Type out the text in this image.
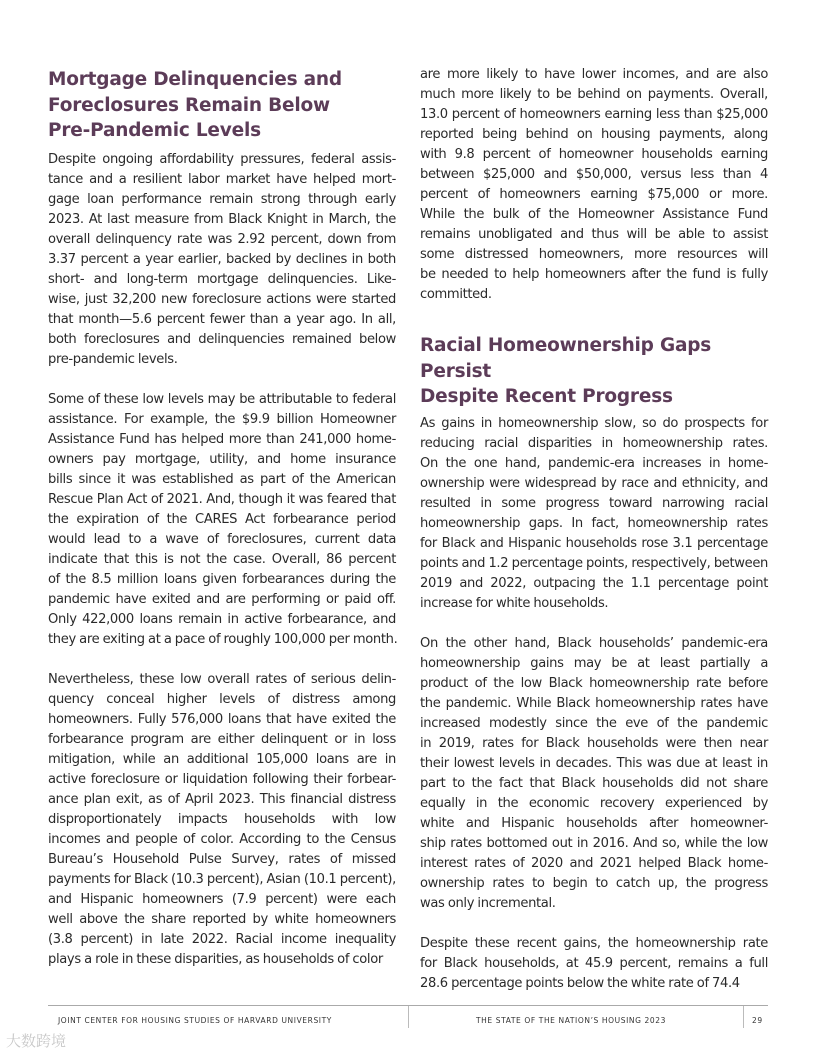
Mortgage Delinquencies and
Foreclosures Remain Below
Pre-Pandemic Levels
Despite ongoing affordability pressures, federal assis-
tance and a resilient labor market have helped mort-
gage loan performance remain strong through early
2023. At last measure from Black Knight in March, the
overall delinquency rate was 2.92 percent, down from
3.37 percent a year earlier, backed by declines in both
short- and long-term mortgage delinquencies. Like-
wise, just 32,200 new foreclosure actions were started
that month—5.6 percent fewer than a year ago. In all,
both foreclosures and delinquencies remained below
pre-pandemic levels.
Some of these low levels may be attributable to federal
assistance. For example, the $9.9 billion Homeowner
Assistance Fund has helped more than 241,000 home-
owners pay mortgage, utility, and home insurance
bills since it was established as part of the American
Rescue Plan Act of 2021. And, though it was feared that
the expiration of the CARES Act forbearance period
would lead to a wave of foreclosures, current data
indicate that this is not the case. Overall, 86 percent
of the 8.5 million loans given forbearances during the
pandemic have exited and are performing or paid off.
Only 422,000 loans remain in active forbearance, and
they are exiting at a pace of roughly 100,000 per month.
Nevertheless, these low overall rates of serious delin-
quency conceal higher levels of distress among
homeowners. Fully 576,000 loans that have exited the
forbearance program are either delinquent or in loss
mitigation, while an additional 105,000 loans are in
active foreclosure or liquidation following their forbear-
ance plan exit, as of April 2023. This financial distress
disproportionately impacts households with low
incomes and people of color. According to the Census
Bureau’s Household Pulse Survey, rates of missed
payments for Black (10.3 percent), Asian (10.1 percent),
and Hispanic homeowners (7.9 percent) were each
well above the share reported by white homeowners
(3.8 percent) in late 2022. Racial income inequality
plays a role in these disparities, as households of color
are more likely to have lower incomes, and are also
much more likely to be behind on payments. Overall,
13.0 percent of homeowners earning less than $25,000
reported being behind on housing payments, along
with 9.8 percent of homeowner households earning
between $25,000 and $50,000, versus less than 4
percent of homeowners earning $75,000 or more.
While the bulk of the Homeowner Assistance Fund
remains unobligated and thus will be able to assist
some distressed homeowners, more resources will
be needed to help homeowners after the fund is fully
committed.
Racial Homeownership Gaps Persist
Despite Recent Progress
As gains in homeownership slow, so do prospects for
reducing racial disparities in homeownership rates.
On the one hand, pandemic-era increases in home-
ownership were widespread by race and ethnicity, and
resulted in some progress toward narrowing racial
homeownership gaps. In fact, homeownership rates
for Black and Hispanic households rose 3.1 percentage
points and 1.2 percentage points, respectively, between
2019 and 2022, outpacing the 1.1 percentage point
increase for white households.
On the other hand, Black households’ pandemic-era
homeownership gains may be at least partially a
product of the low Black homeownership rate before
the pandemic. While Black homeownership rates have
increased modestly since the eve of the pandemic
in 2019, rates for Black households were then near
their lowest levels in decades. This was due at least in
part to the fact that Black households did not share
equally in the economic recovery experienced by
white and Hispanic households after homeowner-
ship rates bottomed out in 2016. And so, while the low
interest rates of 2020 and 2021 helped Black home-
ownership rates to begin to catch up, the progress
was only incremental.
Despite these recent gains, the homeownership rate
for Black households, at 45.9 percent, remains a full
28.6 percentage points below the white rate of 74.4
JOINT CENTER FOR HOUSING STUDIES OF HARVARD UNIVERSITY	THE STATE OF THE NATION’S HOUSING 2023	29
大数跨境
